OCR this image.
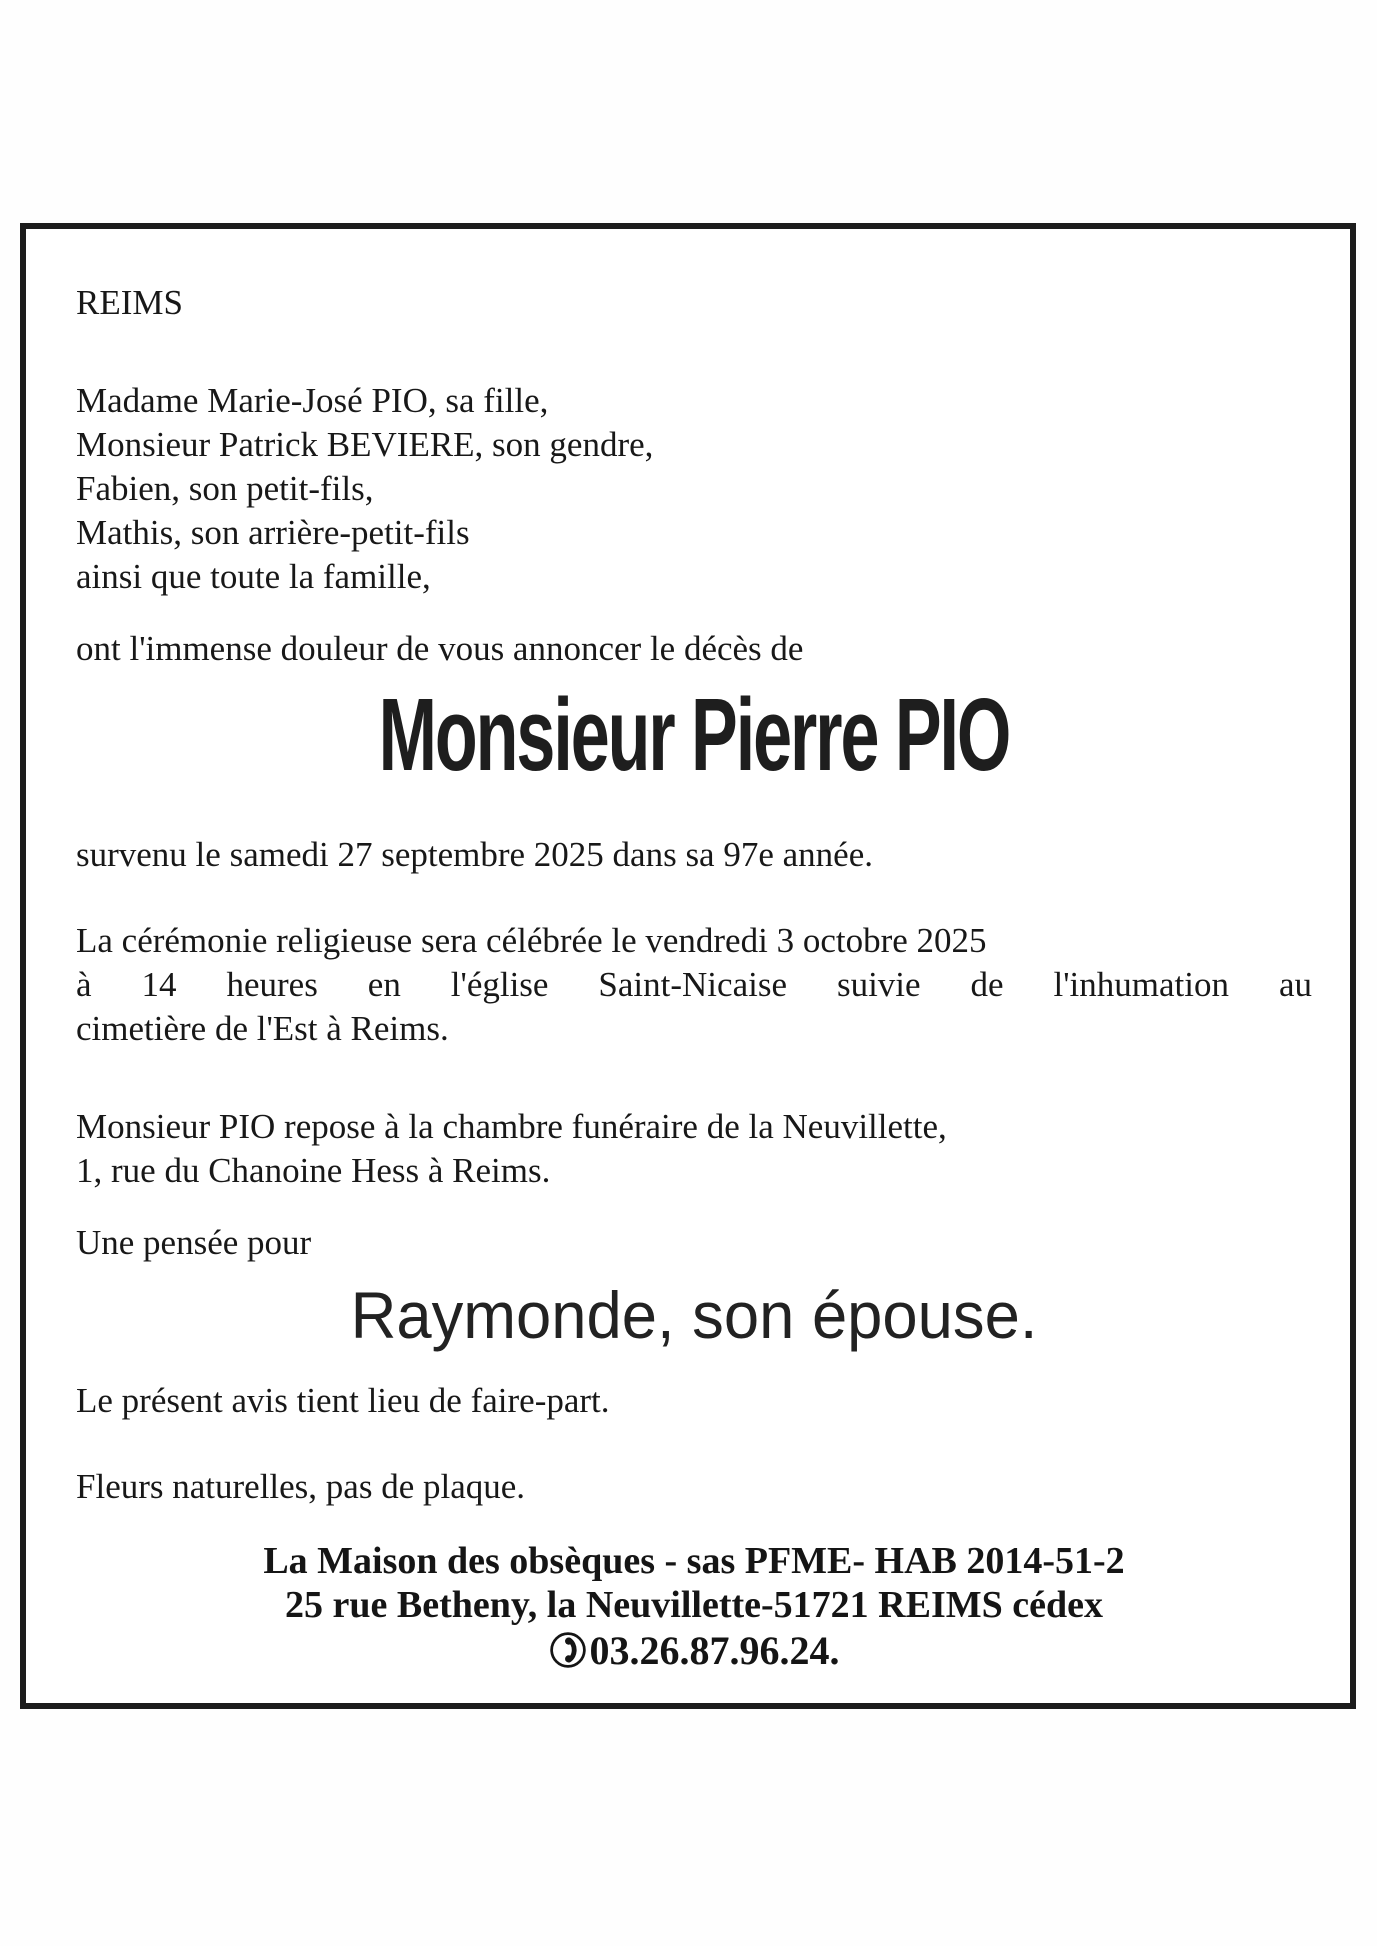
REIMS

Madame Marie-José PIO, sa fille,
Monsieur Patrick BEVIERE, son gendre,
Fabien, son petit-fils,
Mathis, son arrière-petit-fils
ainsi que toute la famille,

ont l'immense douleur de vous annoncer le décès de

Monsieur Pierre PIO

survenu le samedi 27 septembre 2025 dans sa 97e année.

La cérémonie religieuse sera célébrée le vendredi 3 octobre 2025
à 14 heures en l'église Saint-Nicaise suivie de l'inhumation au
cimetière de l'Est à Reims.
Monsieur PIO repose à la chambre funéraire de la Neuvillette,
1, rue du Chanoine Hess à Reims.

Une pensée pour

Raymonde, son épouse.

Le présent avis tient lieu de faire-part.

Fleurs naturelles, pas de plaque.

La Maison des obsèques - sas PFME- HAB 2014-51-2
25 rue Betheny, la Neuvillette-51721 REIMS cédex
03.26.87.96.24.
